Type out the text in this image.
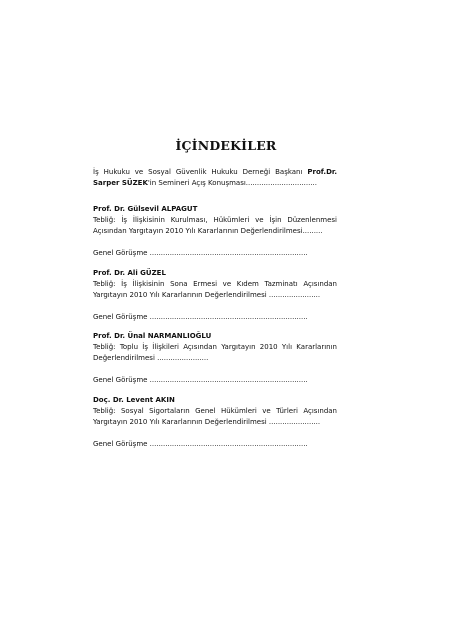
İÇİNDEKİLER

İş Hukuku ve Sosyal Güvenlik Hukuku Derneği Başkanı Prof.Dr. Sarper SÜZEK'in Semineri Açış Konuşması................................

Prof. Dr. Gülsevil ALPAGUT

Tebliğ: İş İlişkisinin Kurulması, Hükümleri ve İşin Düzenlenmesi Açısından Yargıtayın 2010 Yılı Kararlarının Değerlendirilmesi.........

Genel Görüşme .......................................................................

Prof. Dr. Ali GÜZEL

Tebliğ: İş İlişkisinin Sona Ermesi ve Kıdem Tazminatı Açısından Yargıtayın 2010 Yılı Kararlarının Değerlendirilmesi .......................

Genel Görüşme .......................................................................

Prof. Dr. Ünal NARMANLIOĞLU

Tebliğ: Toplu İş İlişkileri Açısından Yargıtayın 2010 Yılı Kararlarının Değerlendirilmesi .......................

Genel Görüşme .......................................................................

Doç. Dr. Levent AKIN

Tebliğ: Sosyal Sigortaların Genel Hükümleri ve Türleri Açısından Yargıtayın 2010 Yılı Kararlarının Değerlendirilmesi .......................

Genel Görüşme .......................................................................
